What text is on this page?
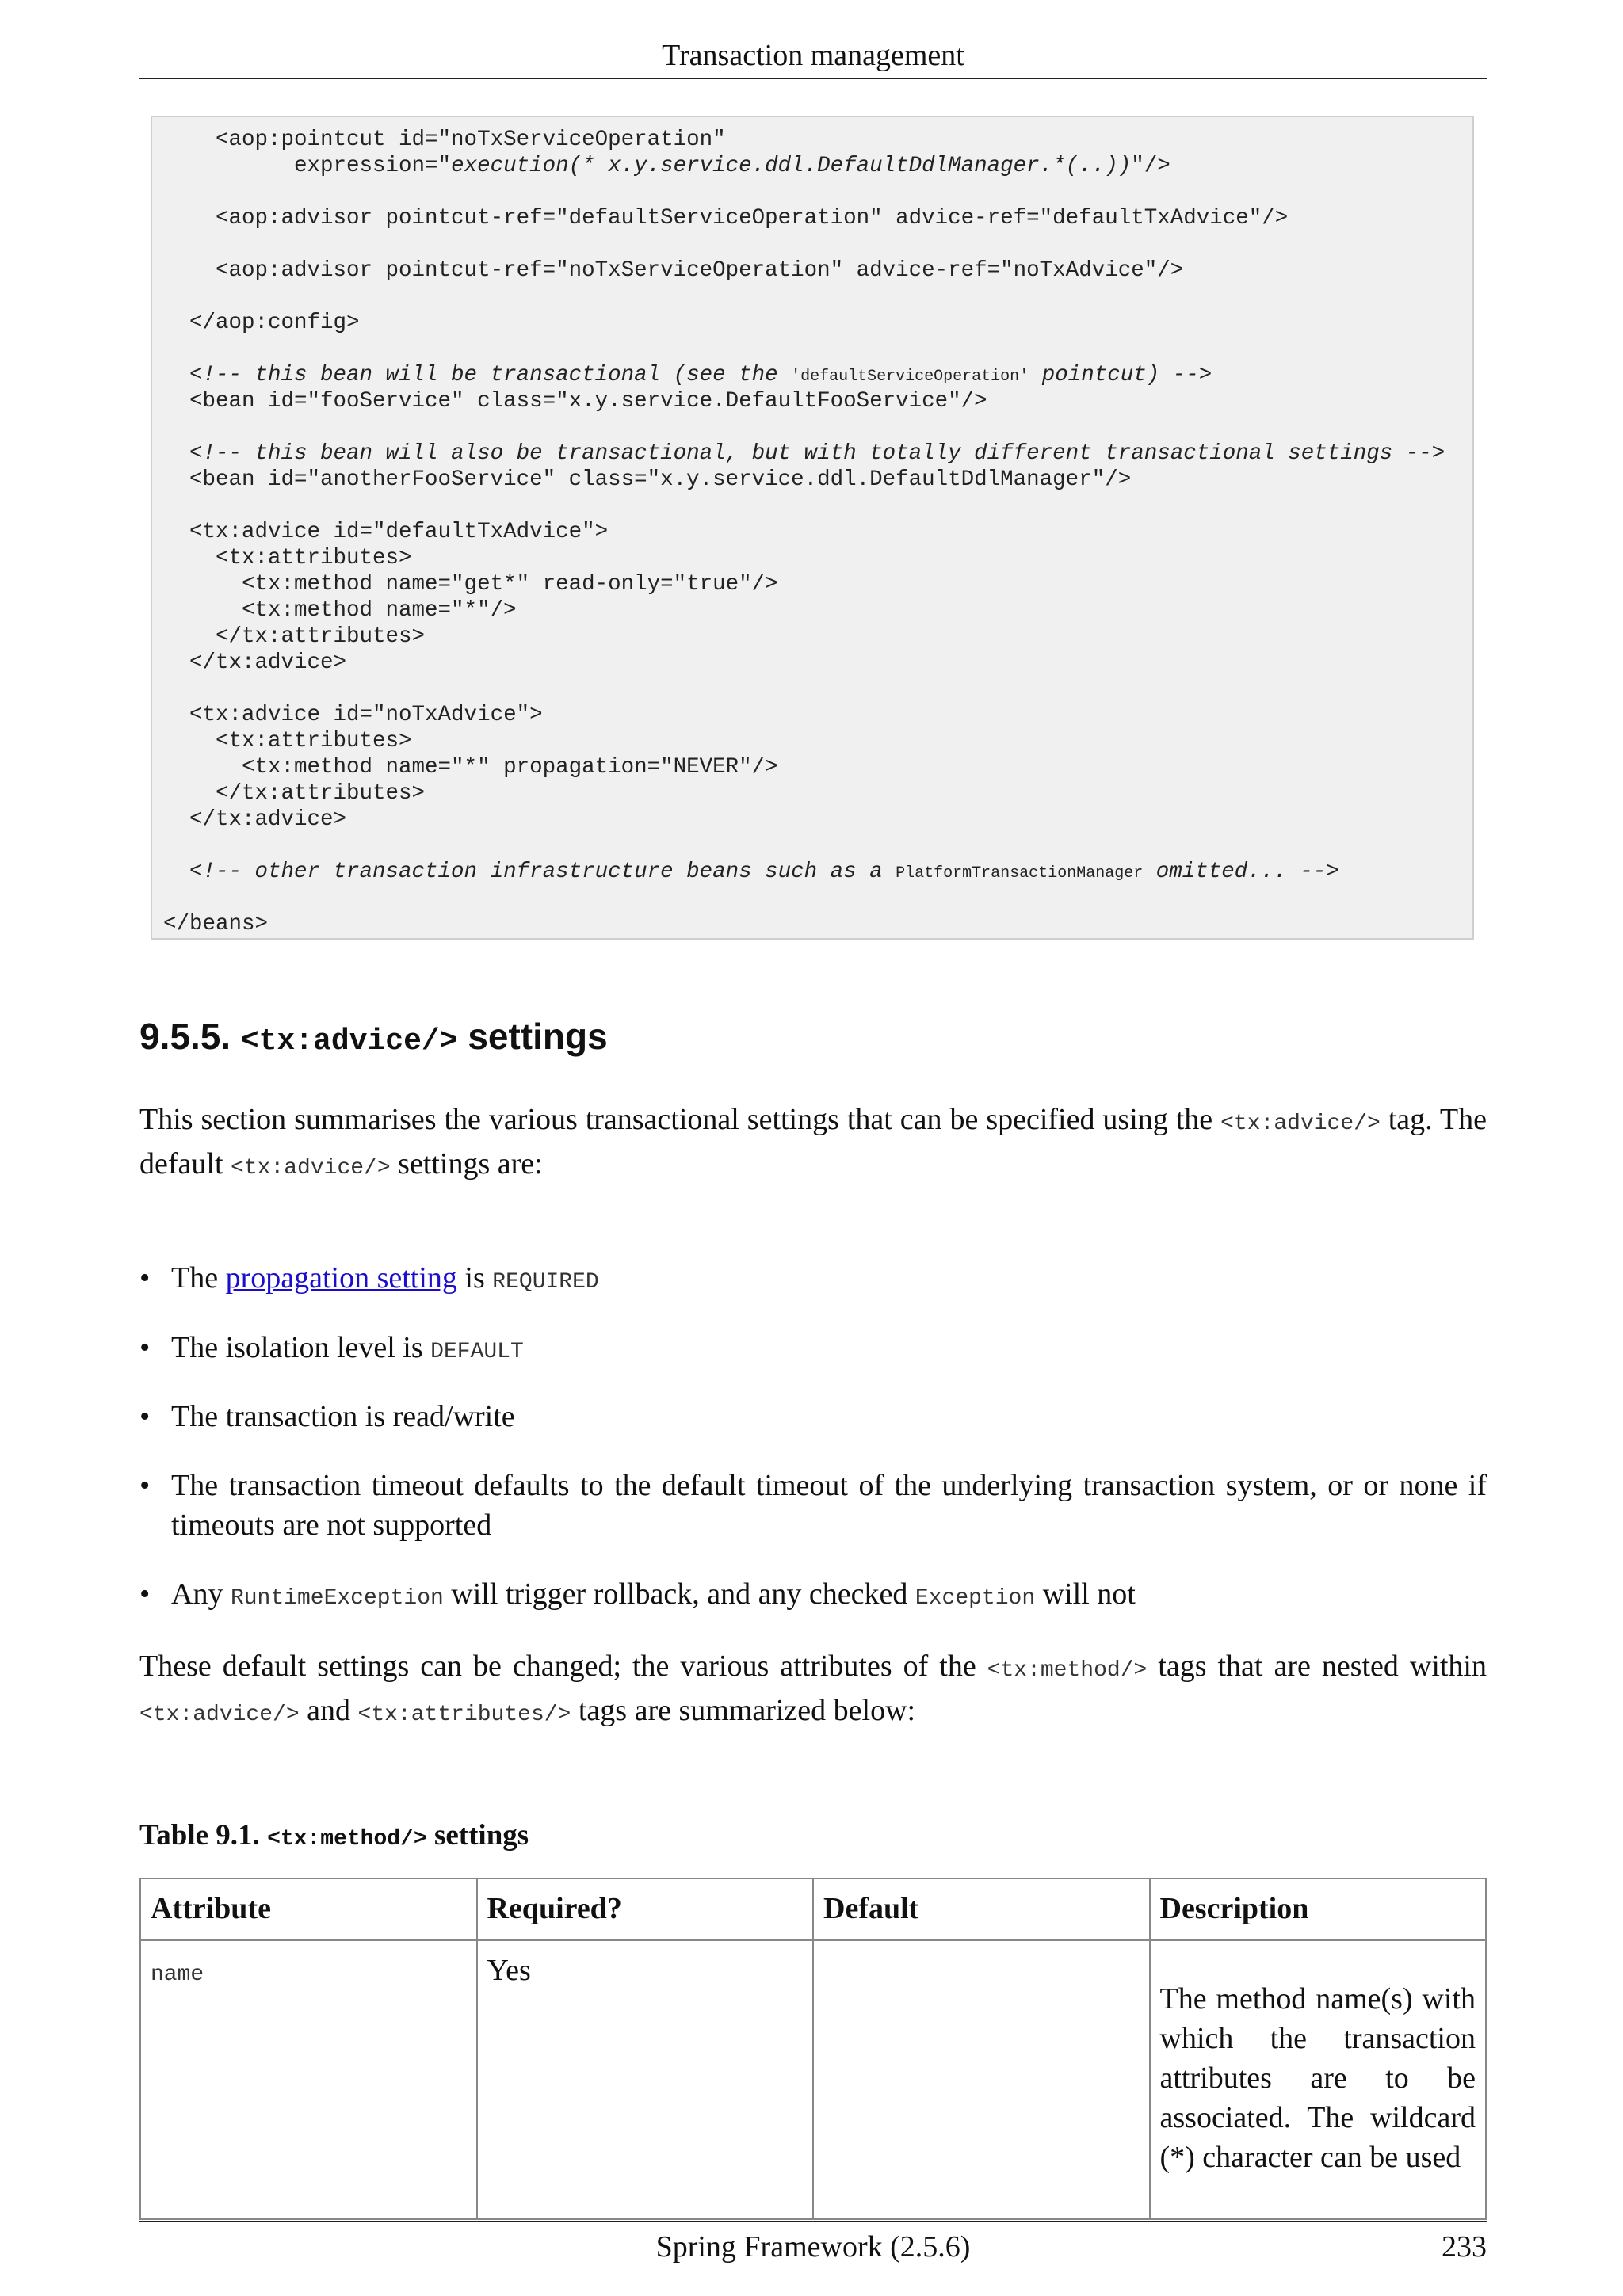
Transaction management
<aop:pointcut id="noTxServiceOperation"
expression="execution(* x.y.service.ddl.DefaultDdlManager.*(..))"/>
<aop:advisor pointcut-ref="defaultServiceOperation" advice-ref="defaultTxAdvice"/>
<aop:advisor pointcut-ref="noTxServiceOperation" advice-ref="noTxAdvice"/>
</aop:config>
<!-- this bean will be transactional (see the 'defaultServiceOperation' pointcut) -->
<bean id="fooService" class="x.y.service.DefaultFooService"/>
<!-- this bean will also be transactional, but with totally different transactional settings -->
<bean id="anotherFooService" class="x.y.service.ddl.DefaultDdlManager"/>
<tx:advice id="defaultTxAdvice">
<tx:attributes>
<tx:method name="get*" read-only="true"/>
<tx:method name="*"/>
</tx:attributes>
</tx:advice>
<tx:advice id="noTxAdvice">
<tx:attributes>
<tx:method name="*" propagation="NEVER"/>
</tx:attributes>
</tx:advice>
<!-- other transaction infrastructure beans such as a PlatformTransactionManager omitted... -->
</beans>
9.5.5. <tx:advice/> settings
This section summarises the various transactional settings that can be specified using the <tx:advice/> tag. The default <tx:advice/> settings are:
• The propagation setting is REQUIRED
• The isolation level is DEFAULT
• The transaction is read/write
• The transaction timeout defaults to the default timeout of the underlying transaction system, or or none if timeouts are not supported
• Any RuntimeException will trigger rollback, and any checked Exception will not
These default settings can be changed; the various attributes of the <tx:method/> tags that are nested within <tx:advice/> and <tx:attributes/> tags are summarized below:
Table 9.1. <tx:method/> settings
Attribute	Required?	Default	Description
name	Yes		The method name(s) with which the transaction attributes are to be associated. The wildcard (*) character can be used
Spring Framework (2.5.6)	233
